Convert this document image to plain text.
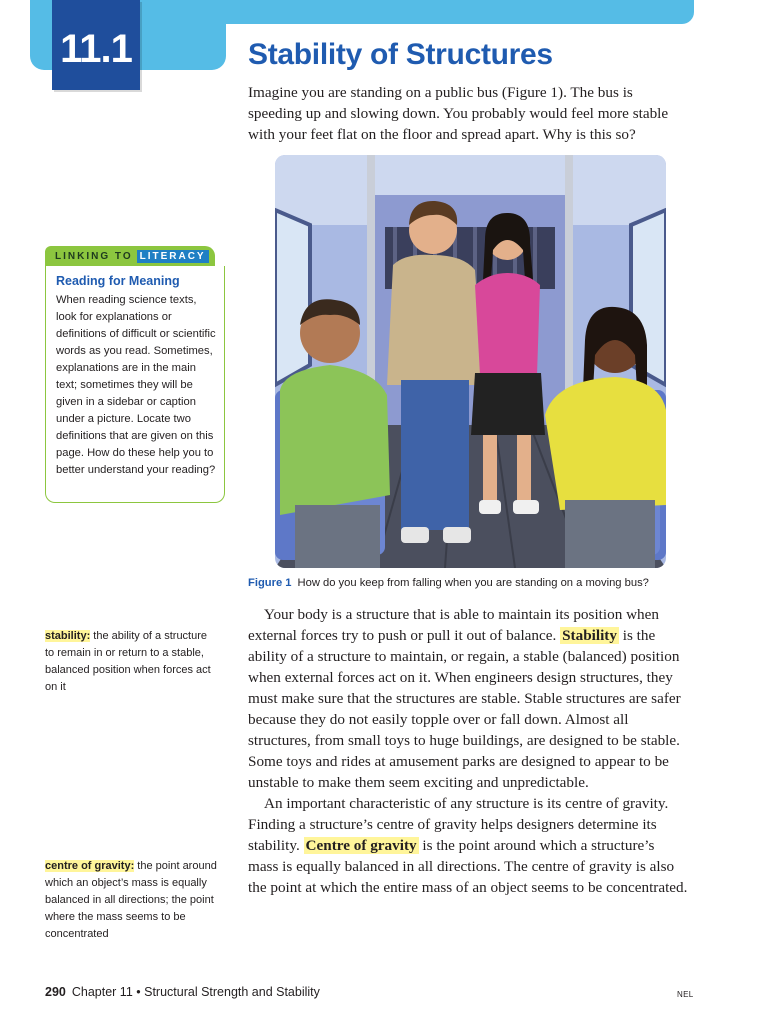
11.1	Stability of Structures

Imagine you are standing on a public bus (Figure 1). The bus is speeding up and slowing down. You probably would feel more stable with your feet flat on the floor and spread apart. Why is this so?

LINKING TO LITERACY

Reading for Meaning

When reading science texts, look for explanations or definitions of difficult or scientific words as you read. Sometimes, explanations are in the main text; sometimes they will be given in a sidebar or caption under a picture. Locate two definitions that are given on this page. How do these help you to better understand your reading?

Figure 1 How do you keep from falling when you are standing on a moving bus?

Your body is a structure that is able to maintain its position when external forces try to push or pull it out of balance. Stability is the ability of a structure to maintain, or regain, a stable (balanced) position when external forces act on it. When engineers design structures, they must make sure that the structures are stable. Stable structures are safer because they do not easily topple over or fall down. Almost all structures, from small toys to huge buildings, are designed to be stable. Some toys and rides at amusement parks are designed to appear to be unstable to make them seem exciting and unpredictable.

An important characteristic of any structure is its centre of gravity. Finding a structure’s centre of gravity helps designers determine its stability. Centre of gravity is the point around which a structure’s mass is equally balanced in all directions. The centre of gravity is also the point at which the entire mass of an object seems to be concentrated.

stability: the ability of a structure to remain in or return to a stable, balanced position when forces act on it

centre of gravity: the point around which an object’s mass is equally balanced in all directions; the point where the mass seems to be concentrated

290 Chapter 11 • Structural Strength and Stability	NEL
